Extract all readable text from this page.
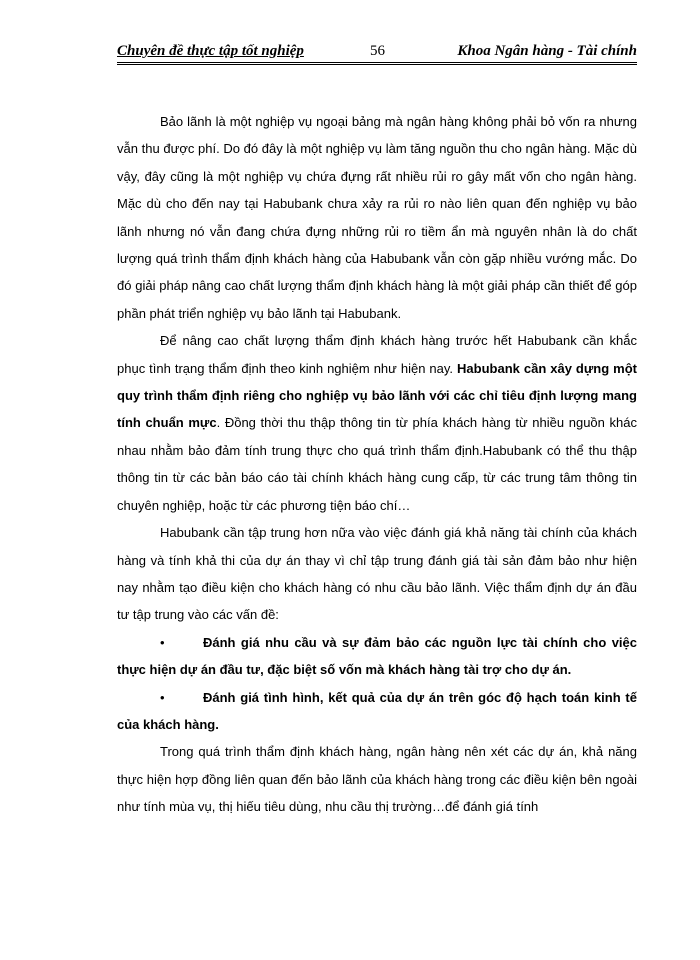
Chuyên đề thực tập tốt nghiệp	56	Khoa Ngân hàng - Tài chính

Bảo lãnh là một nghiệp vụ ngoại bảng mà ngân hàng không phải bỏ vốn ra nhưng vẫn thu được phí. Do đó đây là một nghiệp vụ làm tăng nguồn thu cho ngân hàng. Mặc dù vậy, đây cũng là một nghiệp vụ chứa đựng rất nhiều rủi ro gây mất vốn cho ngân hàng. Mặc dù cho đến nay tại Habubank chưa xảy ra rủi ro nào liên quan đến nghiệp vụ bảo lãnh nhưng nó vẫn đang chứa đựng những rủi ro tiềm ẩn mà nguyên nhân là do chất lượng quá trình thẩm định khách hàng của Habubank vẫn còn gặp nhiều vướng mắc. Do đó giải pháp nâng cao chất lượng thẩm định khách hàng là một giải pháp cần thiết để góp phần phát triển nghiệp vụ bảo lãnh tại Habubank.

Để nâng cao chất lượng thẩm định khách hàng trước hết Habubank cần khắc phục tình trạng thẩm định theo kinh nghiệm như hiện nay. Habubank cần xây dựng một quy trình thẩm định riêng cho nghiệp vụ bảo lãnh với các chỉ tiêu định lượng mang tính chuẩn mực. Đồng thời thu thập thông tin từ phía khách hàng từ nhiều nguồn khác nhau nhằm bảo đảm tính trung thực cho quá trình thẩm định.Habubank có thể thu thập thông tin từ các bản báo cáo tài chính khách hàng cung cấp, từ các trung tâm thông tin chuyên nghiệp, hoặc từ các phương tiện báo chí…

Habubank cần tập trung hơn nữa vào việc đánh giá khả năng tài chính của khách hàng và tính khả thi của dự án thay vì chỉ tập trung đánh giá tài sản đảm bảo như hiện nay nhằm tạo điều kiện cho khách hàng có nhu cầu bảo lãnh. Việc thẩm định dự án đầu tư tập trung vào các vấn đề:

•	Đánh giá nhu cầu và sự đảm bảo các nguồn lực tài chính cho việc thực hiện dự án đầu tư, đặc biệt số vốn mà khách hàng tài trợ cho dự án.

•	Đánh giá tình hình, kết quả của dự án trên góc độ hạch toán kinh tế của khách hàng.

Trong quá trình thẩm định khách hàng, ngân hàng nên xét các dự án, khả năng thực hiện hợp đồng liên quan đến bảo lãnh của khách hàng trong các điều kiện bên ngoài như tính mùa vụ, thị hiếu tiêu dùng, nhu cầu thị trường…để đánh giá tính
